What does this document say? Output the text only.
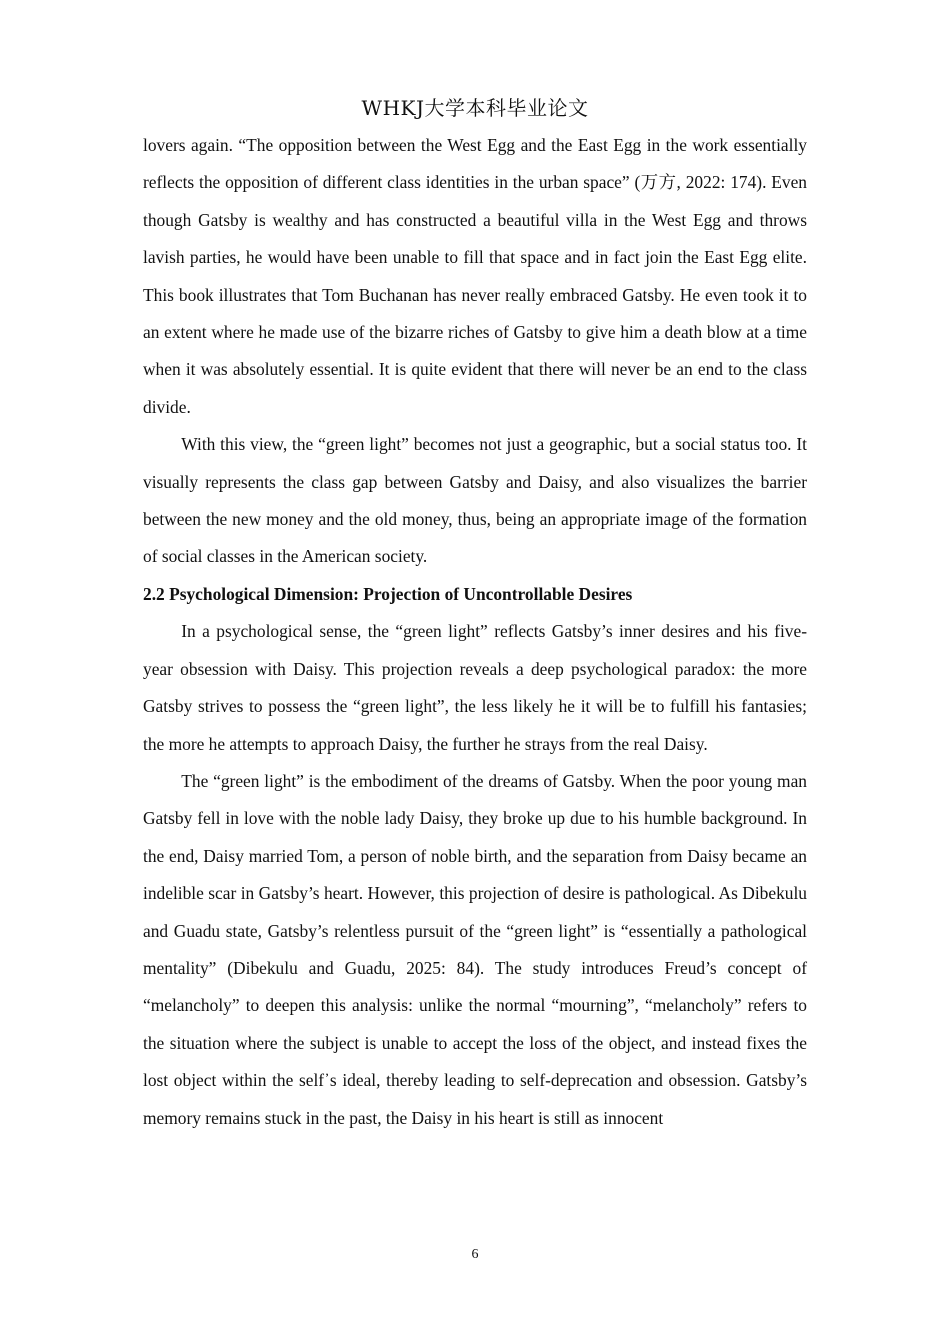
WHKJ大学本科毕业论文

lovers again. “The opposition between the West Egg and the East Egg in the work essentially reflects the opposition of different class identities in the urban space” (万方, 2022: 174). Even though Gatsby is wealthy and has constructed a beautiful villa in the West Egg and throws lavish parties, he would have been unable to fill that space and in fact join the East Egg elite. This book illustrates that Tom Buchanan has never really embraced Gatsby. He even took it to an extent where he made use of the bizarre riches of Gatsby to give him a death blow at a time when it was absolutely essential. It is quite evident that there will never be an end to the class divide.

With this view, the “green light” becomes not just a geographic, but a social status too. It visually represents the class gap between Gatsby and Daisy, and also visualizes the barrier between the new money and the old money, thus, being an appropriate image of the formation of social classes in the American society.

2.2 Psychological Dimension: Projection of Uncontrollable Desires

In a psychological sense, the “green light” reflects Gatsby’s inner desires and his five-year obsession with Daisy. This projection reveals a deep psychological paradox: the more Gatsby strives to possess the “green light”, the less likely he it will be to fulfill his fantasies; the more he attempts to approach Daisy, the further he strays from the real Daisy.

The “green light” is the embodiment of the dreams of Gatsby. When the poor young man Gatsby fell in love with the noble lady Daisy, they broke up due to his humble background. In the end, Daisy married Tom, a person of noble birth, and the separation from Daisy became an indelible scar in Gatsby’s heart. However, this projection of desire is pathological. As Dibekulu and Guadu state, Gatsby’s relentless pursuit of the “green light” is “essentially a pathological mentality” (Dibekulu and Guadu, 2025: 84). The study introduces Freud’s concept of “melancholy” to deepen this analysis: unlike the normal “mourning”, “melancholy” refers to the situation where the subject is unable to accept the loss of the object, and instead fixes the lost object within the self᾽s ideal, thereby leading to self-deprecation and obsession. Gatsby’s memory remains stuck in the past, the Daisy in his heart is still as innocent

6
